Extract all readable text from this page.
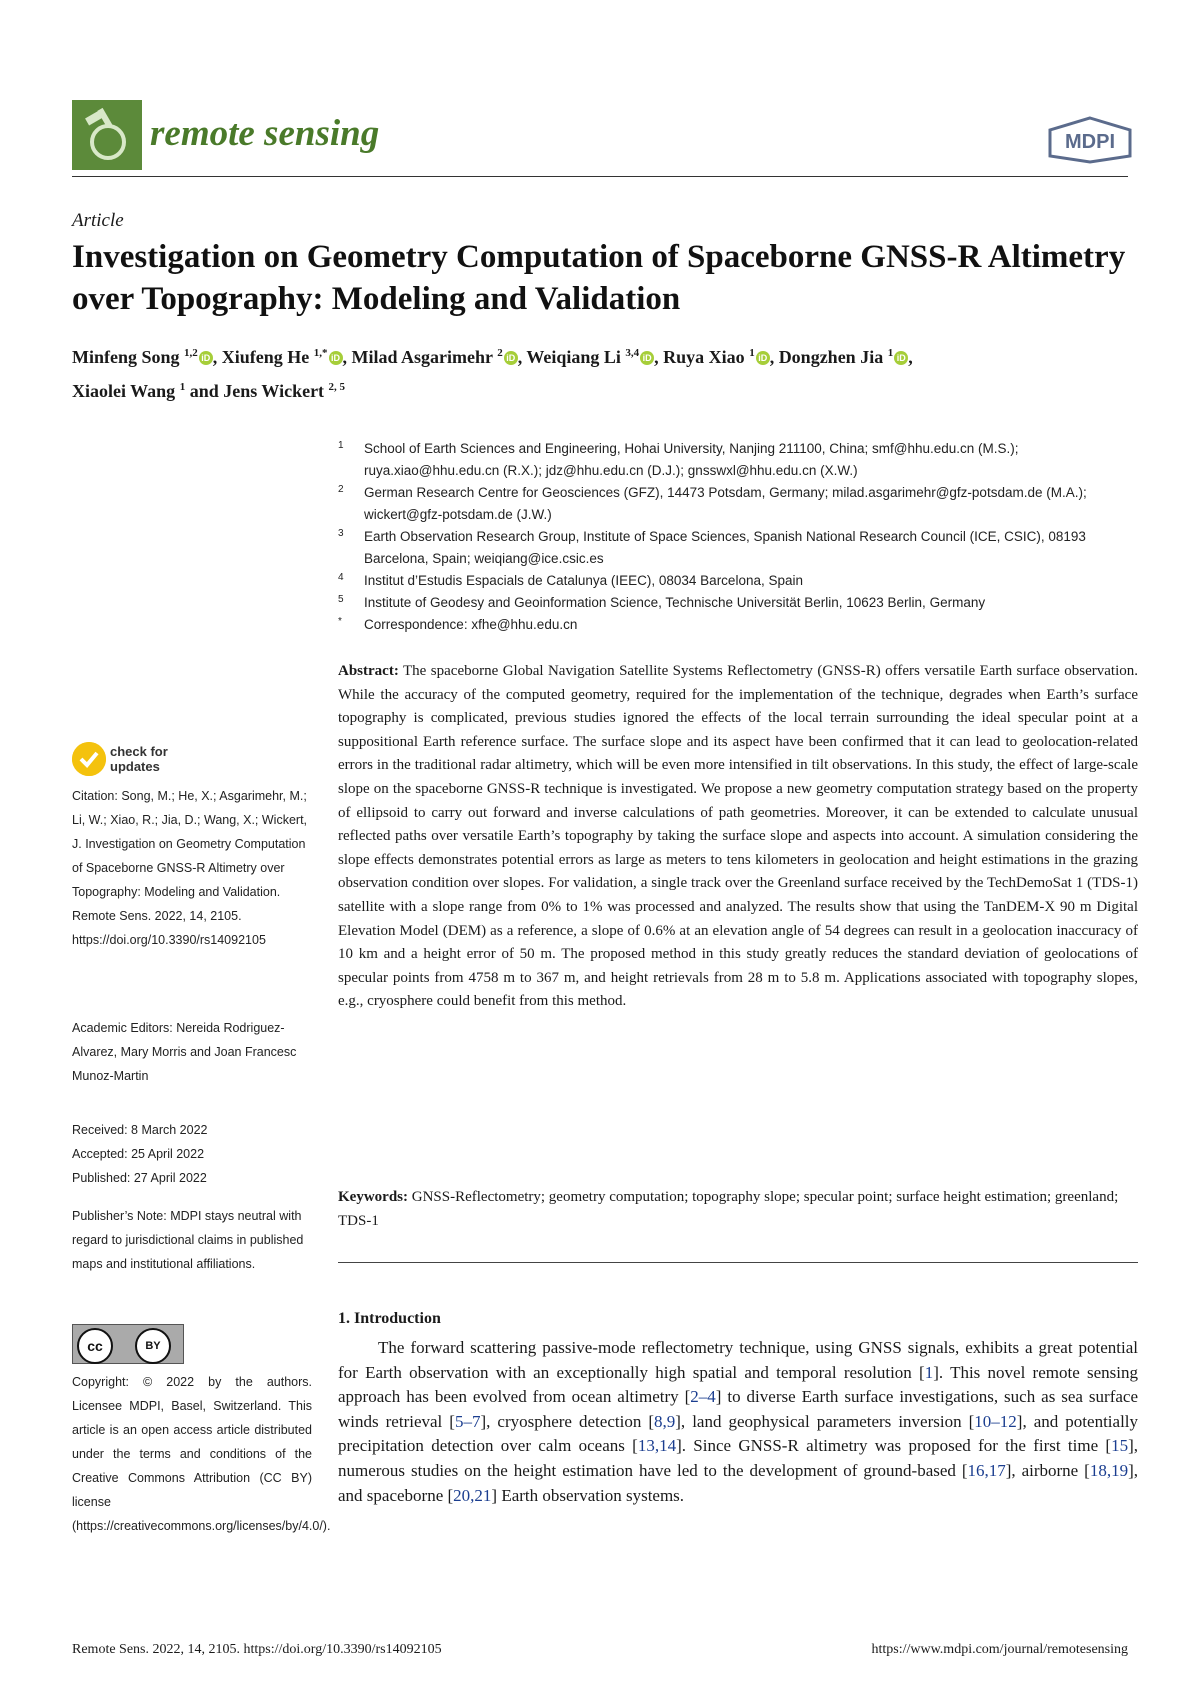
remote sensing	MDPI
Article
Investigation on Geometry Computation of Spaceborne GNSS-R Altimetry over Topography: Modeling and Validation
Minfeng Song $^{1,2}$ iD , Xiufeng He $^{1,*}$ iD , Milad Asgarimehr $^2$ iD , Weiqiang Li $^{3,4}$ iD , Ruya Xiao $^1$ iD , Dongzhen Jia $^1$ iD ,
Xiaolei Wang $^1$ and Jens Wickert $^{2, 5}$
1 School of Earth Sciences and Engineering, Hohai University, Nanjing 211100, China; smf@hhu.edu.cn (M.S.); ruya.xiao@hhu.edu.cn (R.X.); jdz@hhu.edu.cn (D.J.); gnsswxl@hhu.edu.cn (X.W.)
2 German Research Centre for Geosciences (GFZ), 14473 Potsdam, Germany; milad.asgarimehr@gfz-potsdam.de (M.A.); wickert@gfz-potsdam.de (J.W.)
3 Earth Observation Research Group, Institute of Space Sciences, Spanish National Research Council (ICE, CSIC), 08193 Barcelona, Spain; weiqiang@ice.csic.es
4 Institut d’Estudis Espacials de Catalunya (IEEC), 08034 Barcelona, Spain
5 Institute of Geodesy and Geoinformation Science, Technische Universität Berlin, 10623 Berlin, Germany
* Correspondence: xfhe@hhu.edu.cn
Abstract: The spaceborne Global Navigation Satellite Systems Reflectometry (GNSS-R) offers versatile Earth surface observation. While the accuracy of the computed geometry, required for the implementation of the technique, degrades when Earth’s surface topography is complicated, previous studies ignored the effects of the local terrain surrounding the ideal specular point at a suppositional Earth reference surface. The surface slope and its aspect have been confirmed that it can lead to geolocation-related errors in the traditional radar altimetry, which will be even more intensified in tilt observations. In this study, the effect of large-scale slope on the spaceborne GNSS-R technique is investigated. We propose a new geometry computation strategy based on the property of ellipsoid to carry out forward and inverse calculations of path geometries. Moreover, it can be extended to calculate unusual reflected paths over versatile Earth’s topography by taking the surface slope and aspects into account. A simulation considering the slope effects demonstrates potential errors as large as meters to tens kilometers in geolocation and height estimations in the grazing observation condition over slopes. For validation, a single track over the Greenland surface received by the TechDemoSat 1 (TDS-1) satellite with a slope range from 0% to 1% was processed and analyzed. The results show that using the TanDEM-X 90 m Digital Elevation Model (DEM) as a reference, a slope of 0.6% at an elevation angle of 54 degrees can result in a geolocation inaccuracy of 10 km and a height error of 50 m. The proposed method in this study greatly reduces the standard deviation of geolocations of specular points from 4758 m to 367 m, and height retrievals from 28 m to 5.8 m. Applications associated with topography slopes, e.g., cryosphere could benefit from this method.
Keywords: GNSS-Reflectometry; geometry computation; topography slope; specular point; surface height estimation; greenland; TDS-1
1. Introduction
The forward scattering passive-mode reflectometry technique, using GNSS signals, exhibits a great potential for Earth observation with an exceptionally high spatial and temporal resolution [1]. This novel remote sensing approach has been evolved from ocean altimetry [2–4] to diverse Earth surface investigations, such as sea surface winds retrieval [5–7], cryosphere detection [8,9], land geophysical parameters inversion [10–12], and potentially precipitation detection over calm oceans [13,14]. Since GNSS-R altimetry was proposed for the first time [15], numerous studies on the height estimation have led to the development of ground-based [16,17], airborne [18,19], and spaceborne [20,21] Earth observation systems.
check for updates
Citation: Song, M.; He, X.; Asgarimehr, M.; Li, W.; Xiao, R.; Jia, D.; Wang, X.; Wickert, J. Investigation on Geometry Computation of Spaceborne GNSS-R Altimetry over Topography: Modeling and Validation. Remote Sens. 2022, 14, 2105. https://doi.org/10.3390/rs14092105
Academic Editors: Nereida Rodriguez-Alvarez, Mary Morris and Joan Francesc Munoz-Martin
Received: 8 March 2022
Accepted: 25 April 2022
Published: 27 April 2022
Publisher’s Note: MDPI stays neutral with regard to jurisdictional claims in published maps and institutional affiliations.
cc	BY
Copyright: © 2022 by the authors. Licensee MDPI, Basel, Switzerland. This article is an open access article distributed under the terms and conditions of the Creative Commons Attribution (CC BY) license (https://creativecommons.org/licenses/by/4.0/).
Remote Sens. 2022, 14, 2105. https://doi.org/10.3390/rs14092105	https://www.mdpi.com/journal/remotesensing
